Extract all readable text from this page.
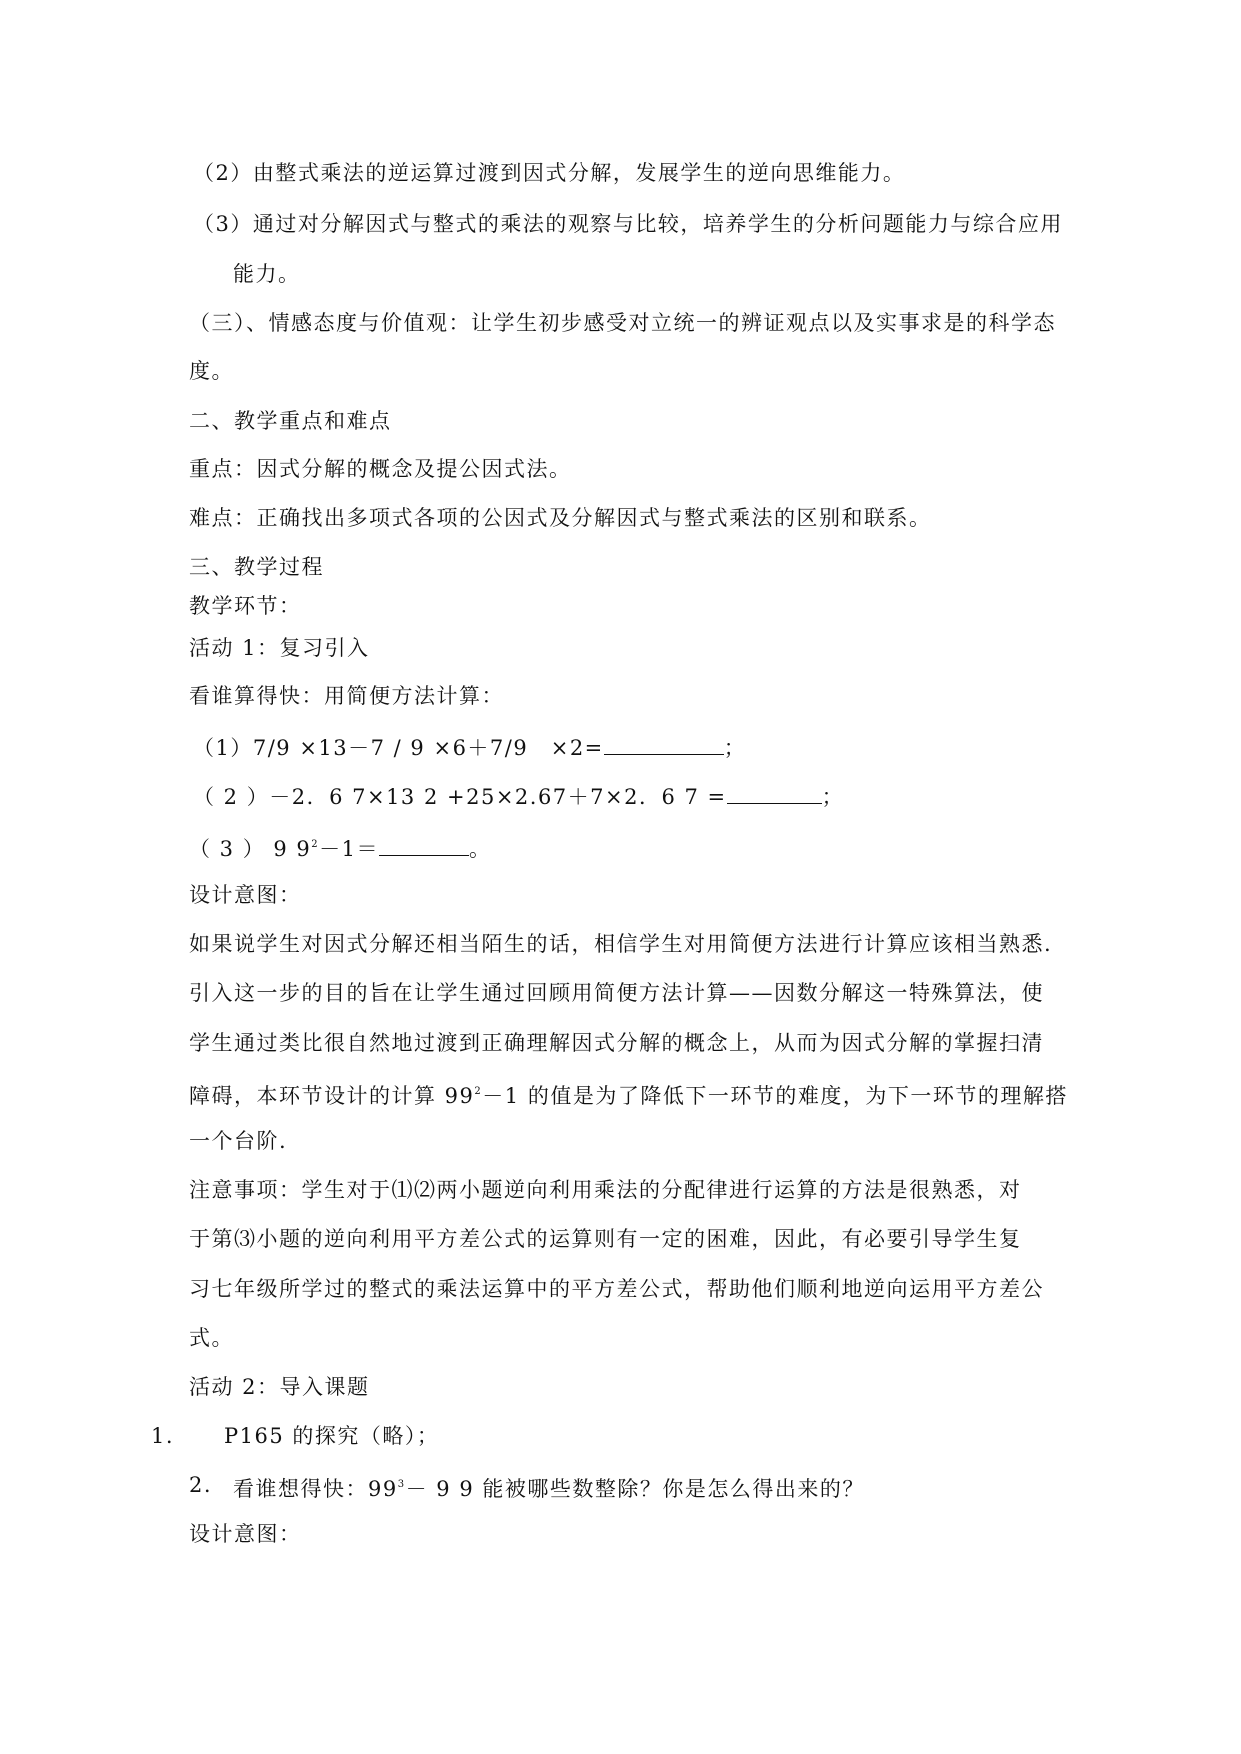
（2）由整式乘法的逆运算过渡到因式分解，发展学生的逆向思维能力。
（3）通过对分解因式与整式的乘法的观察与比较，培养学生的分析问题能力与综合应用
能力。
（三）、情感态度与价值观：让学生初步感受对立统一的辨证观点以及实事求是的科学态
度。
二、教学重点和难点
重点：因式分解的概念及提公因式法。
难点：正确找出多项式各项的公因式及分解因式与整式乘法的区别和联系。
三、教学过程
教学环节：
活动 1：复习引入
看谁算得快：用简便方法计算：
（1）7/9 ×13－7 / 9 ×6＋7/9　×2=	；
（ 2 ）－2．6 7×13 2 +25×2.67＋7×2．6 7 =	；
（ 3 ） 9 $9^2-1=$	。
设计意图：
如果说学生对因式分解还相当陌生的话，相信学生对用简便方法进行计算应该相当熟悉.
引入这一步的目的旨在让学生通过回顾用简便方法计算——因数分解这一特殊算法，使
学生通过类比很自然地过渡到正确理解因式分解的概念上，从而为因式分解的掌握扫清
障碍，本环节设计的计算 $99^2-1$ 的值是为了降低下一环节的难度，为下一环节的理解搭
一个台阶.
注意事项：学生对于⑴⑵两小题逆向利用乘法的分配律进行运算的方法是很熟悉，对
于第⑶小题的逆向利用平方差公式的运算则有一定的困难，因此，有必要引导学生复
习七年级所学过的整式的乘法运算中的平方差公式，帮助他们顺利地逆向运用平方差公
式。
活动 2：导入课题
1. P165 的探究（略）；
2. 看谁想得快：$99^3- 9$ 9 能被哪些数整除？你是怎么得出来的？
设计意图：
